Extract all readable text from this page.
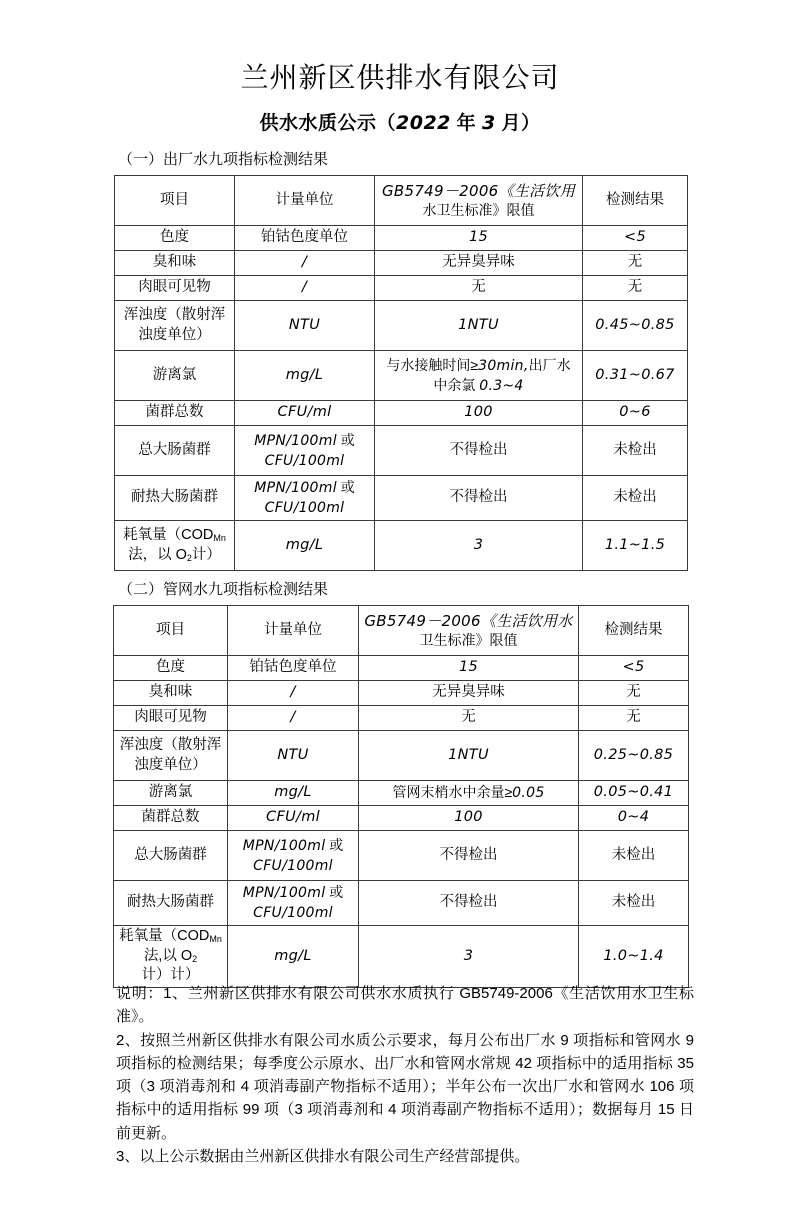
兰州新区供排水有限公司
供水水质公示（2022 年 3 月）
（一）出厂水九项指标检测结果
项目	计量单位	GB5749－2006《生活饮用
水卫生标准》限值	检测结果
色度	铂钴色度单位	15	<5
臭和味	/	无异臭异味	无
肉眼可见物	/	无	无
浑浊度（散射浑
浊度单位）	NTU	1NTU	0.45~0.85
游离氯	mg/L	与水接触时间≥30min,出厂水
中余氯 0.3~4	0.31~0.67
菌群总数	CFU/ml	100	0~6
总大肠菌群	MPN/100ml 或
CFU/100ml	不得检出	未检出
耐热大肠菌群	MPN/100ml 或
CFU/100ml	不得检出	未检出
耗氧量（$COD_{Mn}$
法，以 $O_2$计）	mg/L	3	1.1~1.5
（二）管网水九项指标检测结果
项目	计量单位	GB5749－2006《生活饮用水
卫生标准》限值	检测结果
色度	铂钴色度单位	15	<5
臭和味	/	无异臭异味	无
肉眼可见物	/	无	无
浑浊度（散射浑
浊度单位）	NTU	1NTU	0.25~0.85
游离氯	mg/L	管网末梢水中余量≥0.05	0.05~0.41
菌群总数	CFU/ml	100	0~4
总大肠菌群	MPN/100ml 或
CFU/100ml	不得检出	未检出
耐热大肠菌群	MPN/100ml 或
CFU/100ml	不得检出	未检出
耗氧量（$COD_{Mn}$
法,以 $O_2$计）计）	mg/L	3	1.0~1.4

说明：1、兰州新区供排水有限公司供水水质执行 GB5749-2006《生活饮用水卫生标准》。

2、按照兰州新区供排水有限公司水质公示要求，每月公布出厂水 9 项指标和管网水 9 项指标的检测结果；每季度公示原水、出厂水和管网水常规 42 项指标中的适用指标 35 项（3 项消毒剂和 4 项消毒副产物指标不适用）；半年公布一次出厂水和管网水 106 项指标中的适用指标 99 项（3 项消毒剂和 4 项消毒副产物指标不适用）；数据每月 15 日前更新。

3、以上公示数据由兰州新区供排水有限公司生产经营部提供。
